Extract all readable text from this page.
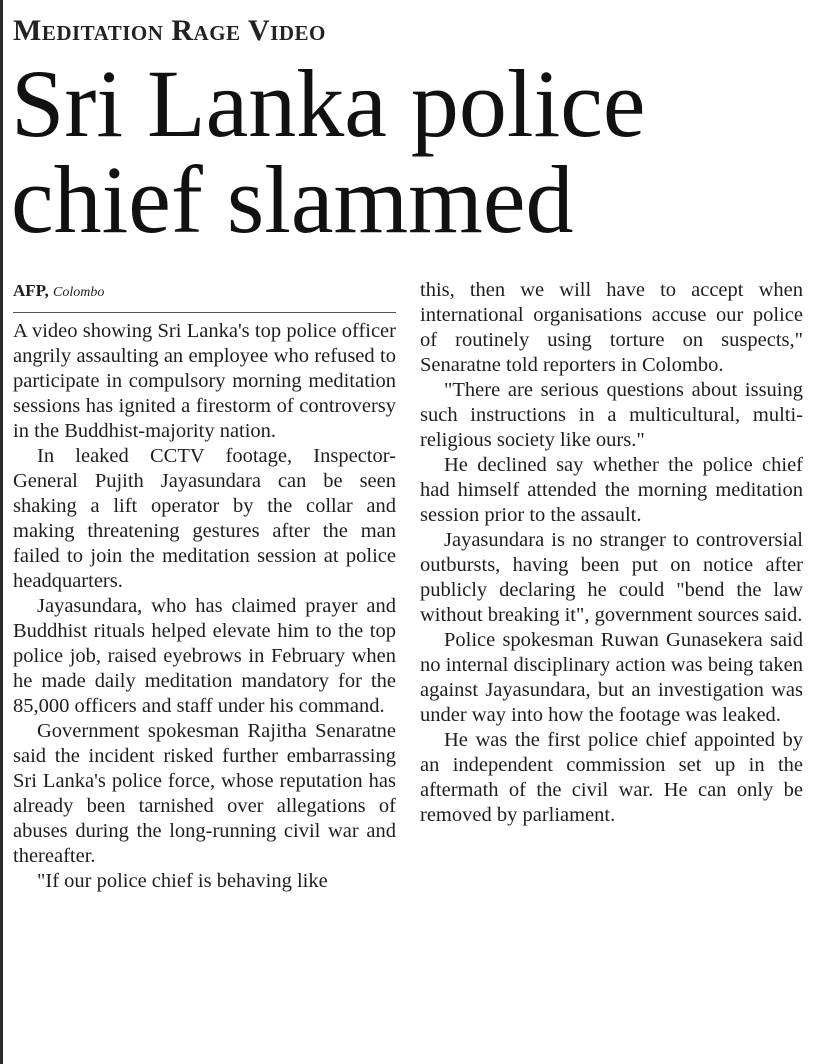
Meditation Rage Video
Sri Lanka police chief slammed
AFP, Colombo

A video showing Sri Lanka's top police officer angrily assaulting an employee who refused to participate in compulsory morning meditation sessions has ignited a firestorm of controversy in the Buddhist-majority nation.

In leaked CCTV footage, Inspector-General Pujith Jayasundara can be seen shaking a lift operator by the collar and making threatening gestures after the man failed to join the meditation session at police headquarters.

Jayasundara, who has claimed prayer and Buddhist rituals helped elevate him to the top police job, raised eyebrows in February when he made daily meditation mandatory for the 85,000 officers and staff under his command.

Government spokesman Rajitha Senaratne said the incident risked further embarrassing Sri Lanka's police force, whose reputation has already been tarnished over allegations of abuses during the long-running civil war and thereafter.

"If our police chief is behaving like

this, then we will have to accept when international organisations accuse our police of routinely using torture on suspects," Senaratne told reporters in Colombo.

"There are serious questions about issuing such instructions in a multicultural, multi-religious society like ours."

He declined say whether the police chief had himself attended the morning meditation session prior to the assault.

Jayasundara is no stranger to controversial outbursts, having been put on notice after publicly declaring he could "bend the law without breaking it", government sources said.

Police spokesman Ruwan Gunasekera said no internal disciplinary action was being taken against Jayasundara, but an investigation was under way into how the footage was leaked.

He was the first police chief appointed by an independent commission set up in the aftermath of the civil war. He can only be removed by parliament.
